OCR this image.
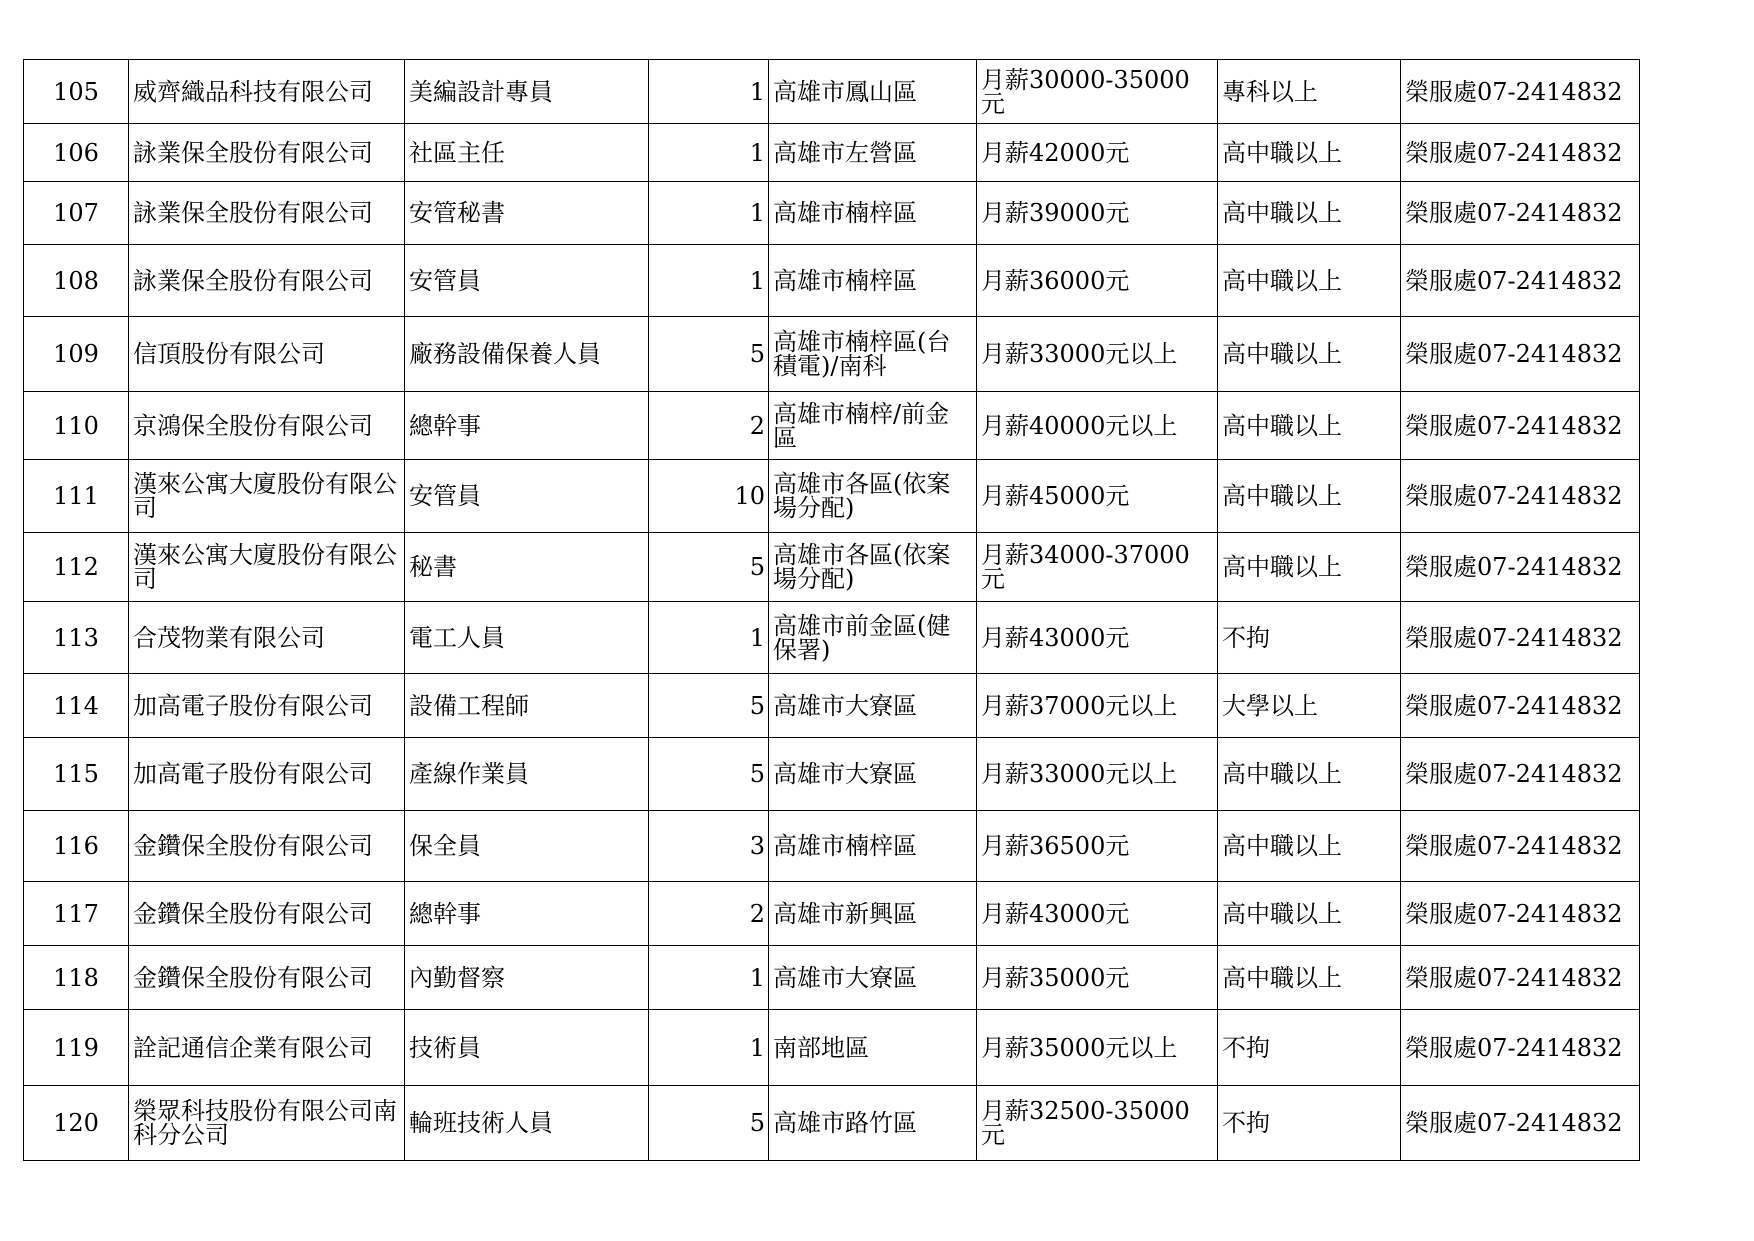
105	威齊織品科技有限公司	美編設計專員	1	高雄市鳳山區	月薪30000-35000元	專科以上	榮服處07-2414832
106	詠業保全股份有限公司	社區主任	1	高雄市左營區	月薪42000元	高中職以上	榮服處07-2414832
107	詠業保全股份有限公司	安管秘書	1	高雄市楠梓區	月薪39000元	高中職以上	榮服處07-2414832
108	詠業保全股份有限公司	安管員	1	高雄市楠梓區	月薪36000元	高中職以上	榮服處07-2414832
109	信頂股份有限公司	廠務設備保養人員	5	高雄市楠梓區(台積電)/南科	月薪33000元以上	高中職以上	榮服處07-2414832
110	京鴻保全股份有限公司	總幹事	2	高雄市楠梓/前金區	月薪40000元以上	高中職以上	榮服處07-2414832
111	漢來公寓大廈股份有限公司	安管員	10	高雄市各區(依案場分配)	月薪45000元	高中職以上	榮服處07-2414832
112	漢來公寓大廈股份有限公司	秘書	5	高雄市各區(依案場分配)	月薪34000-37000元	高中職以上	榮服處07-2414832
113	合茂物業有限公司	電工人員	1	高雄市前金區(健保署)	月薪43000元	不拘	榮服處07-2414832
114	加高電子股份有限公司	設備工程師	5	高雄市大寮區	月薪37000元以上	大學以上	榮服處07-2414832
115	加高電子股份有限公司	產線作業員	5	高雄市大寮區	月薪33000元以上	高中職以上	榮服處07-2414832
116	金鑽保全股份有限公司	保全員	3	高雄市楠梓區	月薪36500元	高中職以上	榮服處07-2414832
117	金鑽保全股份有限公司	總幹事	2	高雄市新興區	月薪43000元	高中職以上	榮服處07-2414832
118	金鑽保全股份有限公司	內勤督察	1	高雄市大寮區	月薪35000元	高中職以上	榮服處07-2414832
119	詮記通信企業有限公司	技術員	1	南部地區	月薪35000元以上	不拘	榮服處07-2414832
120	榮眾科技股份有限公司南科分公司	輪班技術人員	5	高雄市路竹區	月薪32500-35000元	不拘	榮服處07-2414832
